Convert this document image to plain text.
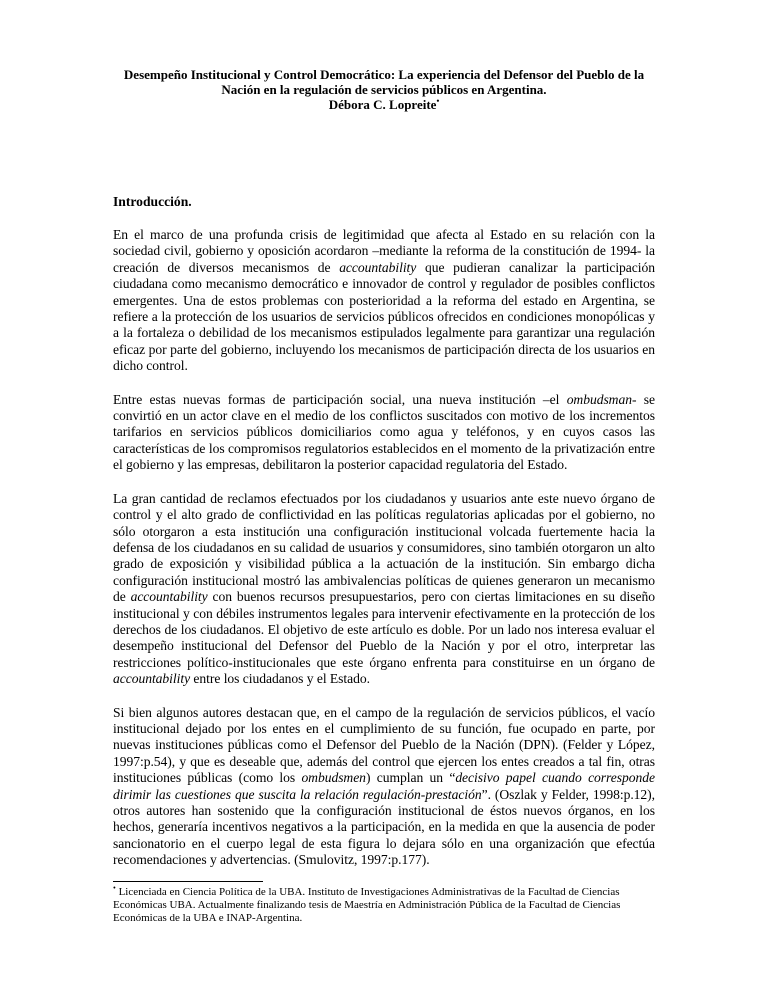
Desempeño Institucional y Control Democrático: La experiencia del Defensor del Pueblo de la
Nación en la regulación de servicios públicos en Argentina.
Débora C. Lopreite•
Introducción.

En el marco de una profunda crisis de legitimidad que afecta al Estado en su relación con la sociedad civil, gobierno y oposición acordaron –mediante la reforma de la constitución de 1994- la creación de diversos mecanismos de accountability que pudieran canalizar la participación ciudadana como mecanismo democrático e innovador de control y regulador de posibles conflictos emergentes. Una de estos problemas con posterioridad a la reforma del estado en Argentina, se refiere a la protección de los usuarios de servicios públicos ofrecidos en condiciones monopólicas y a la fortaleza o debilidad de los mecanismos estipulados legalmente para garantizar una regulación eficaz por parte del gobierno, incluyendo los mecanismos de participación directa de los usuarios en dicho control.

Entre estas nuevas formas de participación social, una nueva institución –el ombudsman- se convirtió en un actor clave en el medio de los conflictos suscitados con motivo de los incrementos tarifarios en servicios públicos domiciliarios como agua y teléfonos, y en cuyos casos las características de los compromisos regulatorios establecidos en el momento de la privatización entre el gobierno y las empresas, debilitaron la posterior capacidad regulatoria del Estado.

La gran cantidad de reclamos efectuados por los ciudadanos y usuarios ante este nuevo órgano de control y el alto grado de conflictividad en las políticas regulatorias aplicadas por el gobierno, no sólo otorgaron a esta institución una configuración institucional volcada fuertemente hacia la defensa de los ciudadanos en su calidad de usuarios y consumidores, sino también otorgaron un alto grado de exposición y visibilidad pública a la actuación de la institución. Sin embargo dicha configuración institucional mostró las ambivalencias políticas de quienes generaron un mecanismo de accountability con buenos recursos presupuestarios, pero con ciertas limitaciones en su diseño institucional y con débiles instrumentos legales para intervenir efectivamente en la protección de los derechos de los ciudadanos. El objetivo de este artículo es doble. Por un lado nos interesa evaluar el desempeño institucional del Defensor del Pueblo de la Nación y por el otro, interpretar las restricciones político-institucionales que este órgano enfrenta para constituirse en un órgano de accountability entre los ciudadanos y el Estado.

Si bien algunos autores destacan que, en el campo de la regulación de servicios públicos, el vacío institucional dejado por los entes en el cumplimiento de su función, fue ocupado en parte, por nuevas instituciones públicas como el Defensor del Pueblo de la Nación (DPN). (Felder y López, 1997:p.54), y que es deseable que, además del control que ejercen los entes creados a tal fin, otras instituciones públicas (como los ombudsmen) cumplan un “decisivo papel cuando corresponde dirimir las cuestiones que suscita la relación regulación-prestación”. (Oszlak y Felder, 1998:p.12), otros autores han sostenido que la configuración institucional de éstos nuevos órganos, en los hechos, generaría incentivos negativos a la participación, en la medida en que la ausencia de poder sancionatorio en el cuerpo legal de esta figura lo dejara sólo en una organización que efectúa recomendaciones y advertencias. (Smulovitz, 1997:p.177).

• Licenciada en Ciencia Política de la UBA. Instituto de Investigaciones Administrativas de la Facultad de Ciencias Económicas UBA. Actualmente finalizando tesis de Maestría en Administración Pública de la Facultad de Ciencias Económicas de la UBA e INAP-Argentina.
